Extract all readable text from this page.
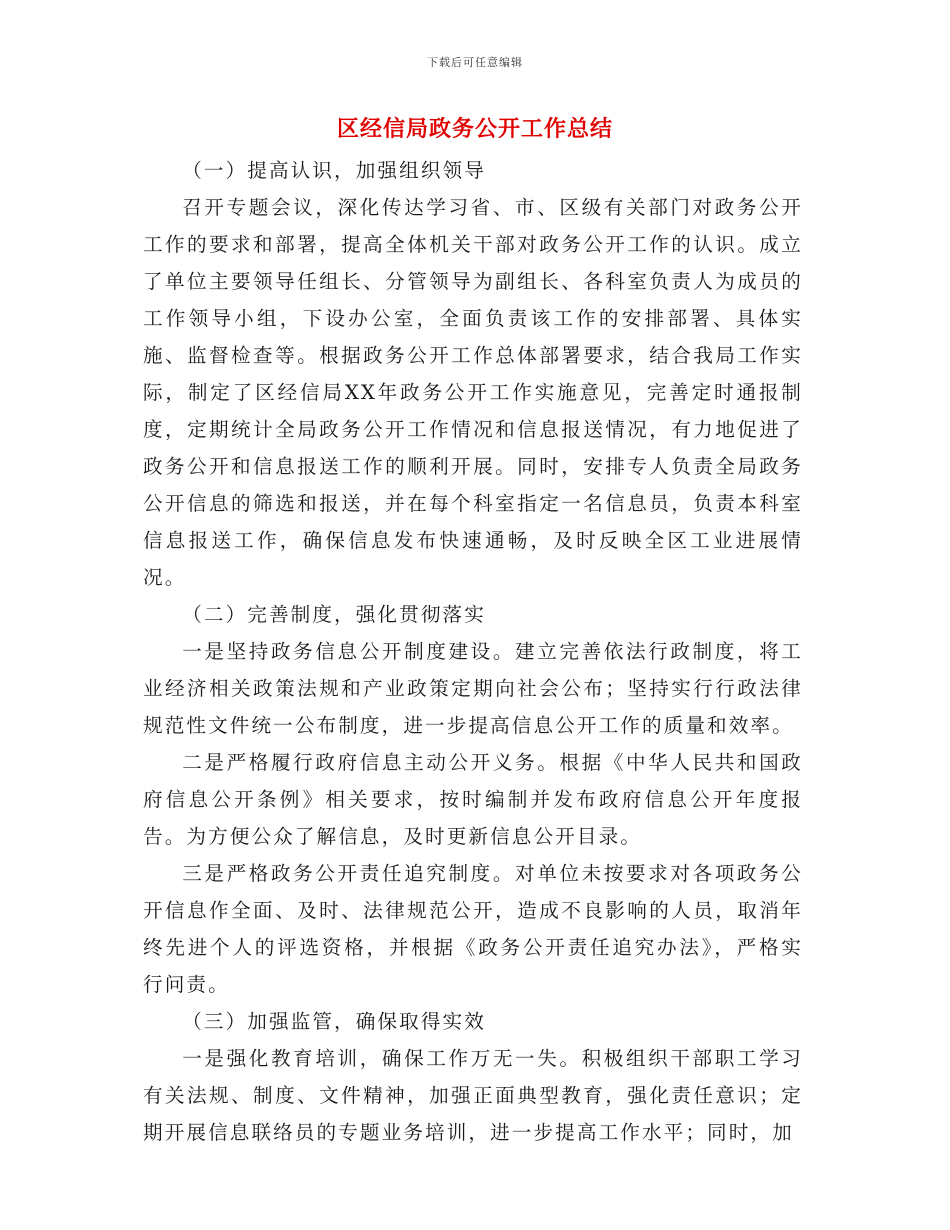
下载后可任意编辑
区经信局政务公开工作总结

（一）提高认识，加强组织领导

召开专题会议，深化传达学习省、市、区级有关部门对政务公开工作的要求和部署，提高全体机关干部对政务公开工作的认识。成立了单位主要领导任组长、分管领导为副组长、各科室负责人为成员的工作领导小组，下设办公室，全面负责该工作的安排部署、具体实施、监督检查等。根据政务公开工作总体部署要求，结合我局工作实际，制定了区经信局XX年政务公开工作实施意见，完善定时通报制度，定期统计全局政务公开工作情况和信息报送情况，有力地促进了政务公开和信息报送工作的顺利开展。同时，安排专人负责全局政务公开信息的筛选和报送，并在每个科室指定一名信息员，负责本科室信息报送工作，确保信息发布快速通畅，及时反映全区工业进展情况。

（二）完善制度，强化贯彻落实

一是坚持政务信息公开制度建设。建立完善依法行政制度，将工业经济相关政策法规和产业政策定期向社会公布；坚持实行行政法律规范性文件统一公布制度，进一步提高信息公开工作的质量和效率。

二是严格履行政府信息主动公开义务。根据《中华人民共和国政府信息公开条例》相关要求，按时编制并发布政府信息公开年度报告。为方便公众了解信息，及时更新信息公开目录。

三是严格政务公开责任追究制度。对单位未按要求对各项政务公开信息作全面、及时、法律规范公开，造成不良影响的人员，取消年终先进个人的评选资格，并根据《政务公开责任追究办法》，严格实行问责。

（三）加强监管，确保取得实效

一是强化教育培训，确保工作万无一失。积极组织干部职工学习有关法规、制度、文件精神，加强正面典型教育，强化责任意识；定期开展信息联络员的专题业务培训，进一步提高工作水平；同时，加
